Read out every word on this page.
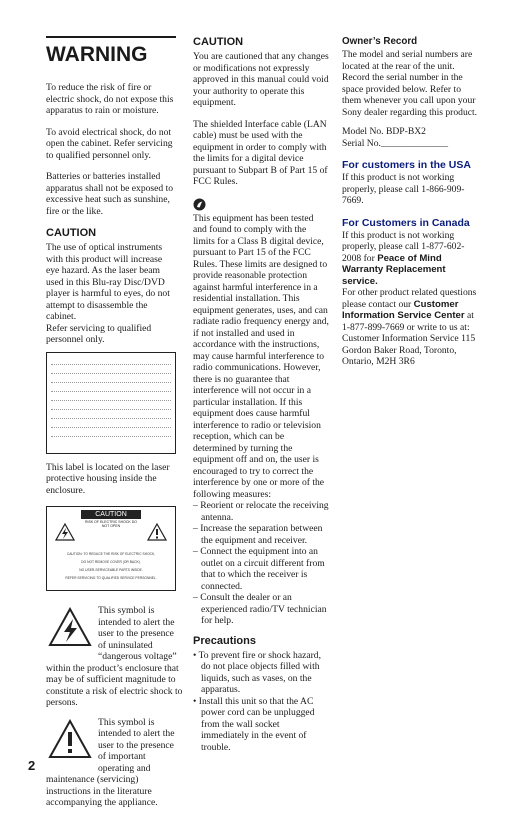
WARNING

To reduce the risk of fire or electric shock, do not expose this apparatus to rain or moisture.

To avoid electrical shock, do not open the cabinet. Refer servicing to qualified personnel only.

Batteries or batteries installed apparatus shall not be exposed to excessive heat such as sunshine, fire or the like.

CAUTION
The use of optical instruments with this product will increase eye hazard. As the laser beam used in this Blu-ray Disc/DVD player is harmful to eyes, do not attempt to disassemble the cabinet.
Refer servicing to qualified personnel only.

This label is located on the laser protective housing inside the enclosure.

CAUTION
RISK OF ELECTRIC SHOCK DO NOT OPEN
CAUTION: TO REDUCE THE RISK OF ELECTRIC SHOCK,
DO NOT REMOVE COVER (OR BACK).
NO USER-SERVICEABLE PARTS INSIDE.
REFER SERVICING TO QUALIFIED SERVICE PERSONNEL.
This symbol is
intended to alert the
user to the presence
of uninsulated
“dangerous voltage”
within the product’s enclosure that
may be of sufficient magnitude to
constitute a risk of electric shock to
persons.
This symbol is
intended to alert the
user to the presence
of important
operating and
maintenance (servicing)
instructions in the literature
accompanying the appliance.
CAUTION

You are cautioned that any changes or modifications not expressly approved in this manual could void your authority to operate this equipment.

The shielded Interface cable (LAN cable) must be used with the equipment in order to comply with the limits for a digital device pursuant to Subpart B of Part 15 of FCC Rules.

This equipment has been tested and found to comply with the limits for a Class B digital device, pursuant to Part 15 of the FCC Rules. These limits are designed to provide reasonable protection against harmful interference in a residential installation. This equipment generates, uses, and can radiate radio frequency energy and, if not installed and used in accordance with the instructions, may cause harmful interference to radio communications. However, there is no guarantee that interference will not occur in a particular installation. If this equipment does cause harmful interference to radio or television reception, which can be determined by turning the equipment off and on, the user is encouraged to try to correct the interference by one or more of the following measures:

– Reorient or relocate the receiving antenna.
– Increase the separation between the equipment and receiver.
– Connect the equipment into an outlet on a circuit different from that to which the receiver is connected.
– Consult the dealer or an experienced radio/TV technician for help.
Precautions
• To prevent fire or shock hazard, do not place objects filled with liquids, such as vases, on the apparatus.
• Install this unit so that the AC power cord can be unplugged from the wall socket immediately in the event of trouble.
Owner’s Record
The model and serial numbers are located at the rear of the unit. Record the serial number in the space provided below. Refer to them whenever you call upon your Sony dealer regarding this product.
Model No. BDP-BX2
Serial No.______________
For customers in the USA

If this product is not working properly, please call 1-866-909-7669.

For Customers in Canada
If this product is not working properly, please call 1-877-602-2008 for Peace of Mind Warranty Replacement service.
For other product related questions please contact our Customer Information Service Center at 1-877-899-7669 or write to us at: Customer Information Service 115 Gordon Baker Road, Toronto, Ontario, M2H 3R6
2
